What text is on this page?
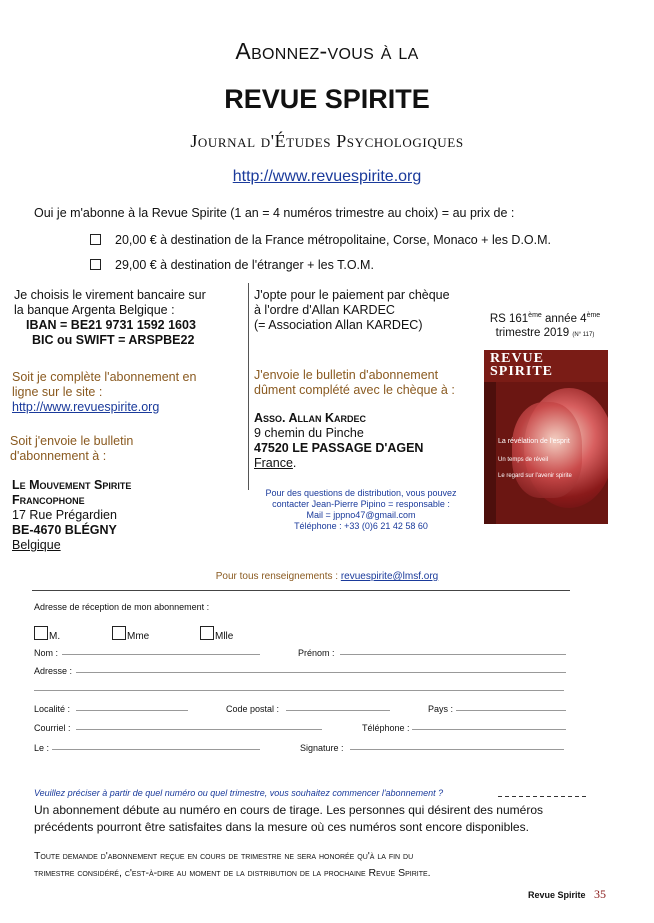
Abonnez-vous à la
REVUE SPIRITE
Journal d'Études Psychologiques
http://www.revuespirite.org
Oui je m'abonne à la Revue Spirite (1 an = 4 numéros trimestre au choix) = au prix de :
20,00 € à destination de la France métropolitaine, Corse, Monaco + les D.O.M.
29,00 € à destination de l'étranger + les T.O.M.
Je choisis le virement bancaire sur
la banque Argenta Belgique :
IBAN = BE21 9731 1592 1603
BIC ou SWIFT = ARSPBE22
Soit je complète l'abonnement en
ligne sur le site :
http://www.revuespirite.org
Soit j'envoie le bulletin
d'abonnement à :
Le Mouvement Spirite
Francophone
17 Rue Prégardien
BE-4670 BLÉGNY
Belgique
J'opte pour le paiement par chèque
à l'ordre d'Allan KARDEC
(= Association Allan KARDEC)
J'envoie le bulletin d'abonnement
dûment complété avec le chèque à :
Asso. Allan Kardec
9 chemin du Pinche
47520 LE PASSAGE D'AGEN
France.
Pour des questions de distribution, vous pouvez
contacter Jean-Pierre Pipino = responsable :
Mail = jppno47@gmail.com
Téléphone : +33 (0)6 21 42 58 60
RS 161ème année 4ème
trimestre 2019 (N° 117)
REVUE
SPIRITE
La révélation de l'esprit
Un temps de réveil
Le regard sur l'avenir spirite
Pour tous renseignements : revuespirite@lmsf.org
Adresse de réception de mon abonnement :
M.	Mme	Mlle
Nom :	Prénom :
Adresse :
Localité :	Code postal :	Pays :
Courriel :	Téléphone :
Le :	Signature :
Veuillez préciser à partir de quel numéro ou quel trimestre, vous souhaitez commencer l'abonnement ?
Un abonnement débute au numéro en cours de tirage. Les personnes qui désirent des numéros
précédents pourront être satisfaites dans la mesure où ces numéros sont encore disponibles.
Toute demande d'abonnement reçue en cours de trimestre ne sera honorée qu'à la fin du
trimestre considéré, c'est-à-dire au moment de la distribution de la prochaine Revue Spirite.
Revue Spirite 35
